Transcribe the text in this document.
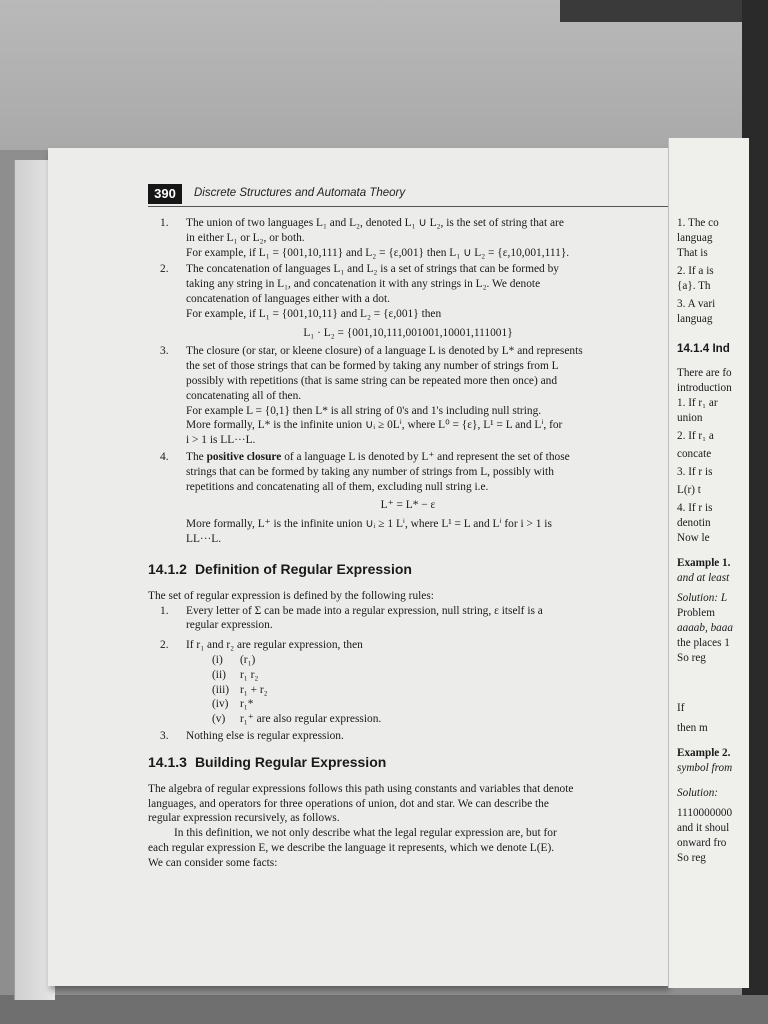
390	Discrete Structures and Automata Theory
1. The union of two languages L₁ and L₂, denoted L₁ ∪ L₂, is the set of string that are
in either L₁ or L₂, or both.
For example, if L₁ = {001,10,111} and L₂ = {ε,001} then L₁ ∪ L₂ = {ε,10,001,111}.
2. The concatenation of languages L₁ and L₂ is a set of strings that can be formed by
taking any string in L₁, and concatenation it with any strings in L₂. We denote
concatenation of languages either with a dot.
For example, if L₁ = {001,10,11} and L₂ = {ε,001} then
L₁ · L₂ = {001,10,111,001001,10001,111001}
3. The closure (or star, or kleene closure) of a language L is denoted by L* and represents
the set of those strings that can be formed by taking any number of strings from L
possibly with repetitions (that is same string can be repeated more then once) and
concatenating all of then.
For example L = {0,1} then L* is all string of 0's and 1's including null string.
More formally, L* is the infinite union ∪ᵢ ≥ 0Lⁱ, where L⁰ = {ε}, L¹ = L and Lⁱ, for
i > 1 is LL···L.
4. The positive closure of a language L is denoted by L⁺ and represent the set of those
strings that can be formed by taking any number of strings from L, possibly with
repetitions and concatenating all of them, excluding null string i.e.
L⁺ = L* − ε
More formally, L⁺ is the infinite union ∪ᵢ ≥ 1 Lⁱ, where L¹ = L and Lⁱ for i > 1 is
LL···L.
14.1.2 Definition of Regular Expression
The set of regular expression is defined by the following rules:
1. Every letter of Σ can be made into a regular expression, null string, ε itself is a
regular expression.
2. If r₁ and r₂ are regular expression, then
(i) (r₁)
(ii) r₁ r₂
(iii) r₁ + r₂
(iv) r₁*
(v) r₁⁺ are also regular expression.
3. Nothing else is regular expression.
14.1.3 Building Regular Expression
The algebra of regular expressions follows this path using constants and variables that denote
languages, and operators for three operations of union, dot and star. We can describe the
regular expression recursively, as follows.
In this definition, we not only describe what the legal regular expression are, but for
each regular expression E, we describe the language it represents, which we denote L(E).
We can consider some facts:
1. The co
languag
That is
2. If a is
{a}. Th
3. A vari
languag
14.1.4 Ind
There are fo
introduction
1. If r₁ ar
union
2. If r₁ a
concate
3. If r is
L(r) t
4. If r is
denotin
Now le
Example 1.
and at least
Solution: L
Problem
aaaab, baaa
the places 1
So reg
If
then m
Example 2.
symbol from
Solution:
1110000000
and it shoul
onward fro
So reg
